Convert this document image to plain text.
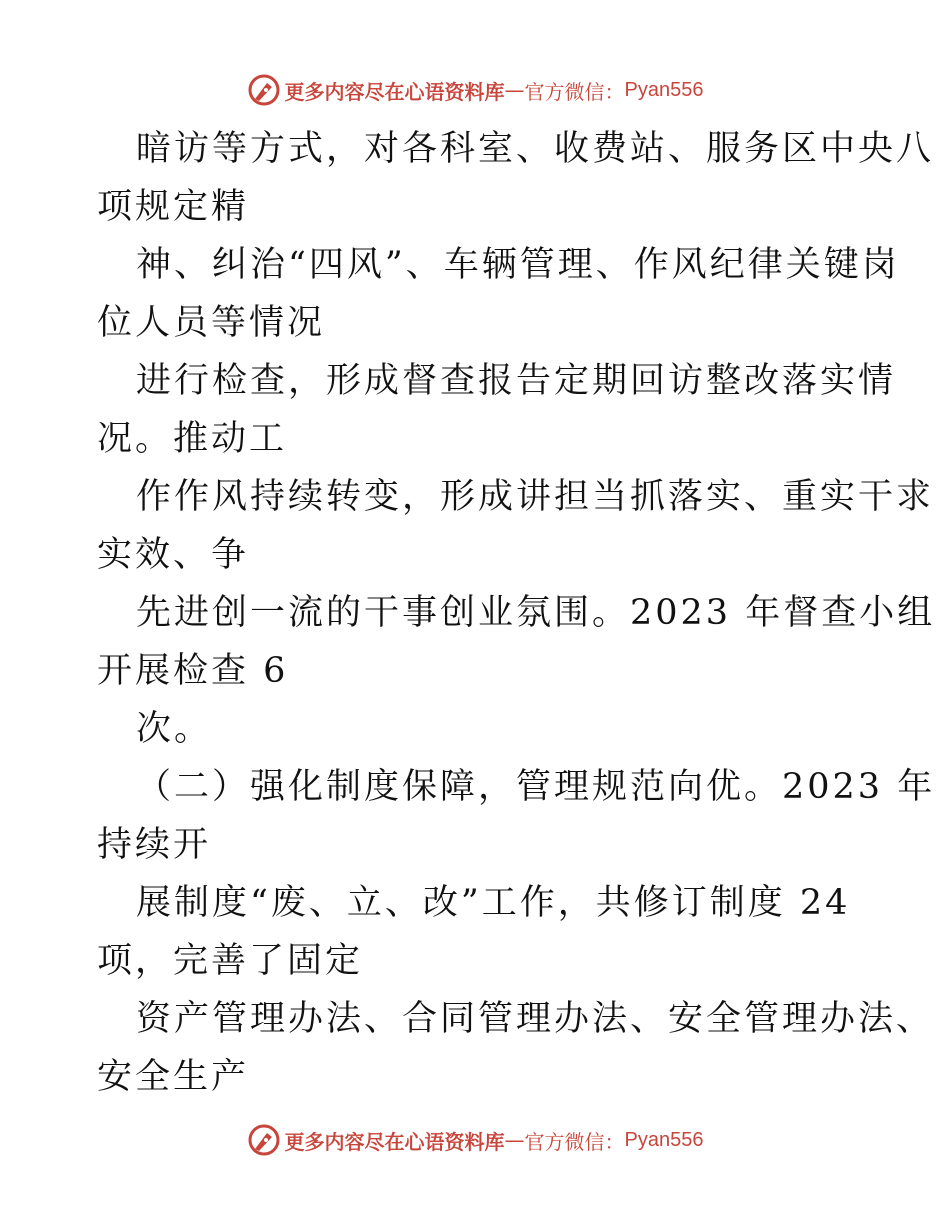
更多内容尽在心语资料库 — 官方微信： Pyan556
暗访等方式，对各科室、收费站、服务区中央八
项规定精
神、纠治“四风”、车辆管理、作风纪律关键岗
位人员等情况
进行检查，形成督查报告定期回访整改落实情
况。推动工
作作风持续转变，形成讲担当抓落实、重实干求
实效、争
先进创一流的干事创业氛围。2023 年督查小组
开展检查 6
次。
（二）强化制度保障，管理规范向优。2023 年
持续开
展制度“废、立、改”工作，共修订制度 24
项，完善了固定
资产管理办法、合同管理办法、安全管理办法、
安全生产
更多内容尽在心语资料库 — 官方微信： Pyan556
